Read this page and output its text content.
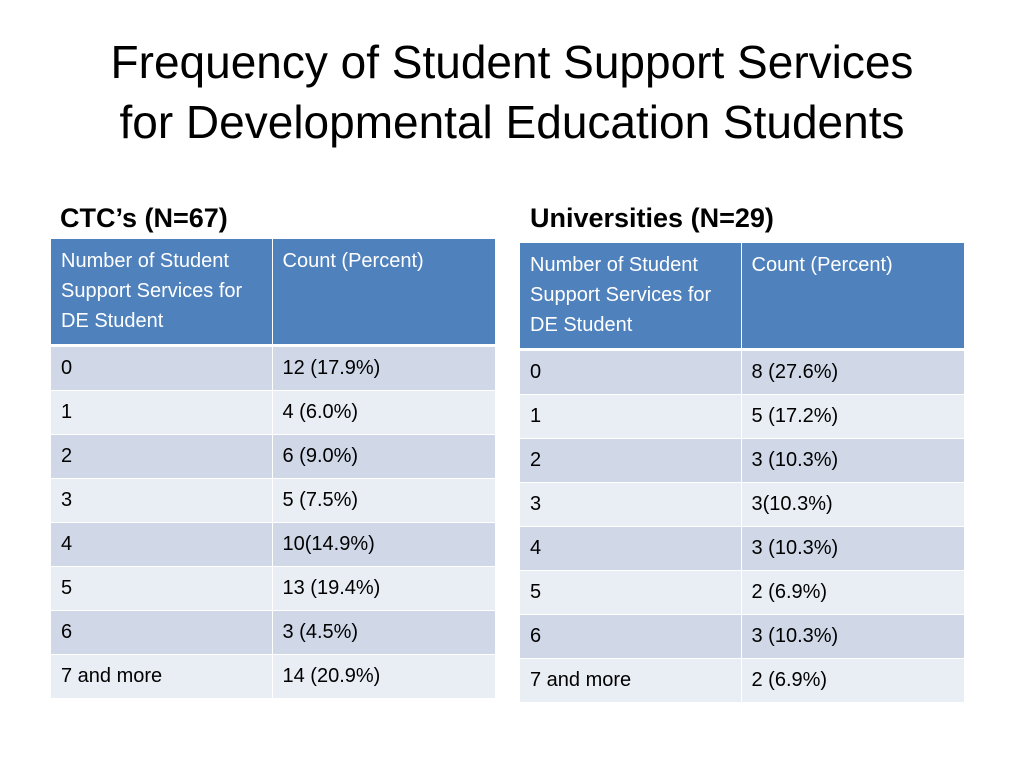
Frequency of Student Support Services
for Developmental Education Students
CTC’s (N=67)	Universities (N=29)
Number of Student Support Services for DE Student	Count (Percent)
0	12 (17.9%)
1	4 (6.0%)
2	6 (9.0%)
3	5 (7.5%)
4	10(14.9%)
5	13 (19.4%)
6	3 (4.5%)
7 and more	14 (20.9%)
Number of Student Support Services for DE Student	Count (Percent)
0	8 (27.6%)
1	5 (17.2%)
2	3 (10.3%)
3	3(10.3%)
4	3 (10.3%)
5	2 (6.9%)
6	3 (10.3%)
7 and more	2 (6.9%)
